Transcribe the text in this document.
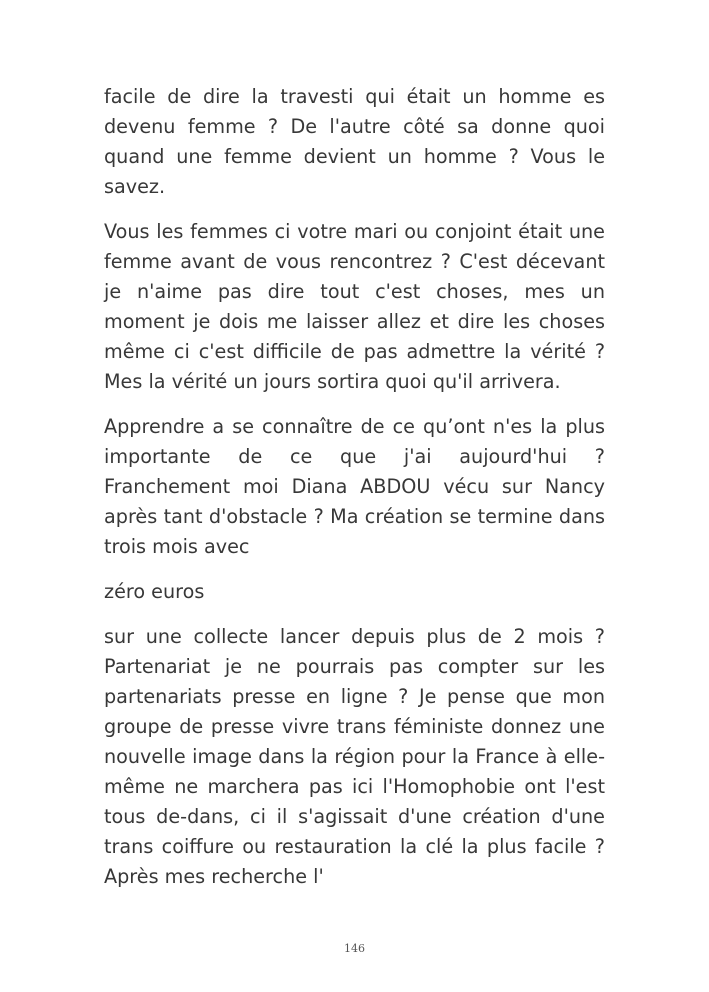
facile de dire la travesti qui était un homme es devenu femme ? De l'autre côté sa donne quoi quand une femme devient un homme ? Vous le savez.

Vous les femmes ci votre mari ou conjoint était une femme avant de vous rencontrez ? C'est décevant je n'aime pas dire tout c'est choses, mes un moment je dois me laisser allez et dire les choses même ci c'est difficile de pas admettre la vérité ? Mes la vérité un jours sortira quoi qu'il arrivera.

Apprendre a se connaître de ce qu’ont n'es la plus importante de ce que j'ai aujourd'hui ? Franchement moi Diana ABDOU vécu sur Nancy après tant d'obstacle ? Ma création se termine dans trois mois avec

zéro euros

sur une collecte lancer depuis plus de 2 mois ? Partenariat je ne pourrais pas compter sur les partenariats presse en ligne ? Je pense que mon groupe de presse vivre trans féministe donnez une nouvelle image dans la région pour la France à elle-même ne marchera pas ici l'Homophobie ont l'est tous de-dans, ci il s'agissait d'une création d'une trans coiffure ou restauration la clé la plus facile ? Après mes recherche l'

146
